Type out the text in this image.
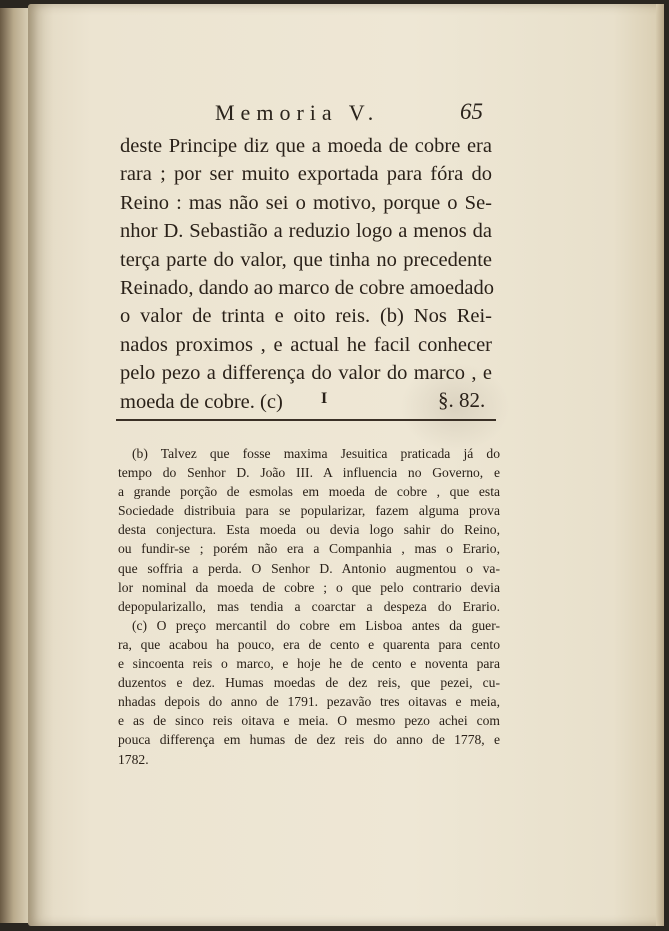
Memoria V.	65
deste Principe diz que a moeda de cobre era
rara ; por ser muito exportada para fóra do
Reino : mas não sei o motivo, porque o Se-
nhor D. Sebastião a reduzio logo a menos da
terça parte do valor, que tinha no precedente
Reinado, dando ao marco de cobre amoedado
o valor de trinta e oito reis. (b) Nos Rei-
nados proximos , e actual he facil conhecer
pelo pezo a differença do valor do marco , e
moeda de cobre. (c)	I	§. 82.
(b) Talvez que fosse maxima Jesuitica praticada já do
tempo do Senhor D. João III. A influencia no Governo, e
a grande porção de esmolas em moeda de cobre , que esta
Sociedade distribuia para se popularizar, fazem alguma prova
desta conjectura. Esta moeda ou devia logo sahir do Reino,
ou fundir-se ; porém não era a Companhia , mas o Erario,
que soffria a perda. O Senhor D. Antonio augmentou o va-
lor nominal da moeda de cobre ; o que pelo contrario devia
depopularizallo, mas tendia a coarctar a despeza do Erario.
(c) O preço mercantil do cobre em Lisboa antes da guer-
ra, que acabou ha pouco, era de cento e quarenta para cento
e sincoenta reis o marco, e hoje he de cento e noventa para
duzentos e dez. Humas moedas de dez reis, que pezei, cu-
nhadas depois do anno de 1791. pezavão tres oitavas e meia,
e as de sinco reis oitava e meia. O mesmo pezo achei com
pouca differença em humas de dez reis do anno de 1778, e
1782.
